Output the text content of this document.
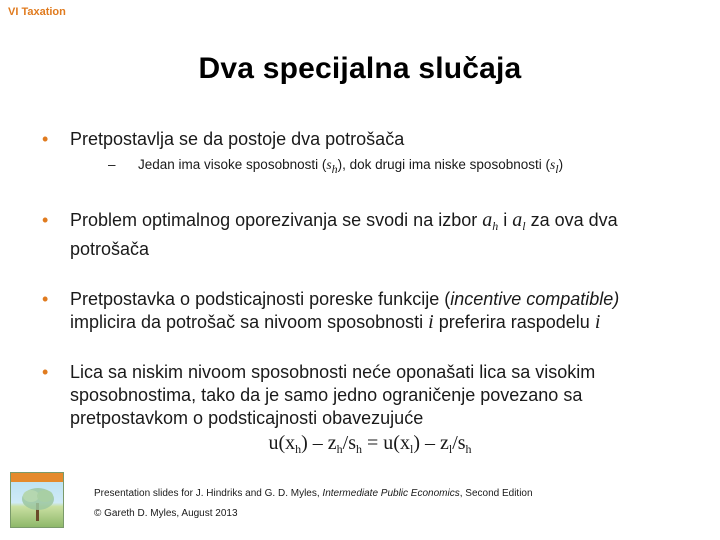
VI Taxation
Dva specijalna slučaja
• Pretpostavlja se da postoje dva potrošača
– Jedan ima visoke sposobnosti $(s_h)$, dok drugi ima niske sposobnosti $(s_l)$
• Problem optimalnog oporezivanja se svodi na izbor $a_h$ i $a_l$ za ova dva potrošača
• Pretpostavka o podsticajnosti poreske funkcije (incentive compatible) implicira da potrošač sa nivoom sposobnosti i preferira raspodelu i
• Lica sa niskim nivoom sposobnosti neće oponašati lica sa visokim sposobnostima, tako da je samo jedno ograničenje povezano sa pretpostavkom o podsticajnosti obavezujuće
$u(x_h) - z_h/s_h = u(x_l) - z_l/s_h$
Presentation slides for J. Hindriks and G. D. Myles, Intermediate Public Economics, Second Edition
© Gareth D. Myles, August 2013
